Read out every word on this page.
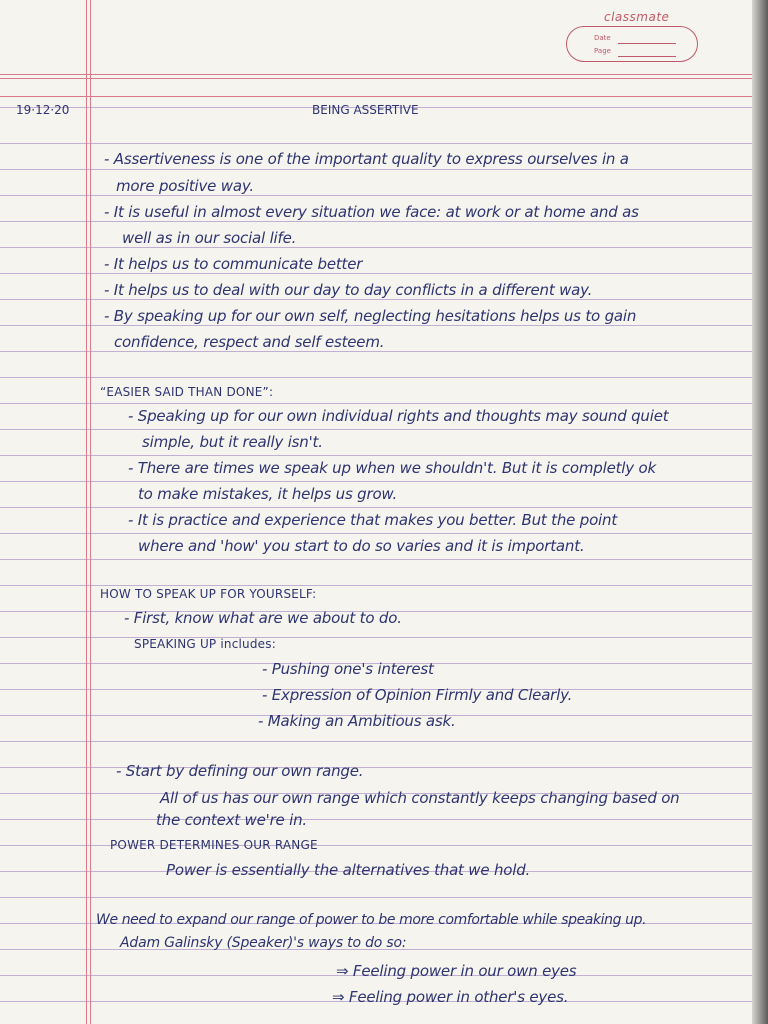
classmate
Date
Page
19·12·20	BEING ASSERTIVE
- Assertiveness is one of the important quality to express ourselves in a
more positive way.
- It is useful in almost every situation we face: at work or at home and as
well as in our social life.
- It helps us to communicate better
- It helps us to deal with our day to day conflicts in a different way.
- By speaking up for our own self, neglecting hesitations helps us to gain
confidence, respect and self esteem.
“EASIER SAID THAN DONE”:
- Speaking up for our own individual rights and thoughts may sound quiet
simple, but it really isn't.
- There are times we speak up when we shouldn't. But it is completly ok
to make mistakes, it helps us grow.
- It is practice and experience that makes you better. But the point
where and 'how' you start to do so varies and it is important.
HOW TO SPEAK UP FOR YOURSELF:
- First, know what are we about to do.
SPEAKING UP includes:
- Pushing one's interest
- Expression of Opinion Firmly and Clearly.
- Making an Ambitious ask.
- Start by defining our own range.
All of us has our own range which constantly keeps changing based on
the context we're in.
POWER DETERMINES OUR RANGE
Power is essentially the alternatives that we hold.
We need to expand our range of power to be more comfortable while speaking up.
Adam Galinsky (Speaker)'s ways to do so:
⇒ Feeling power in our own eyes
⇒ Feeling power in other's eyes.
